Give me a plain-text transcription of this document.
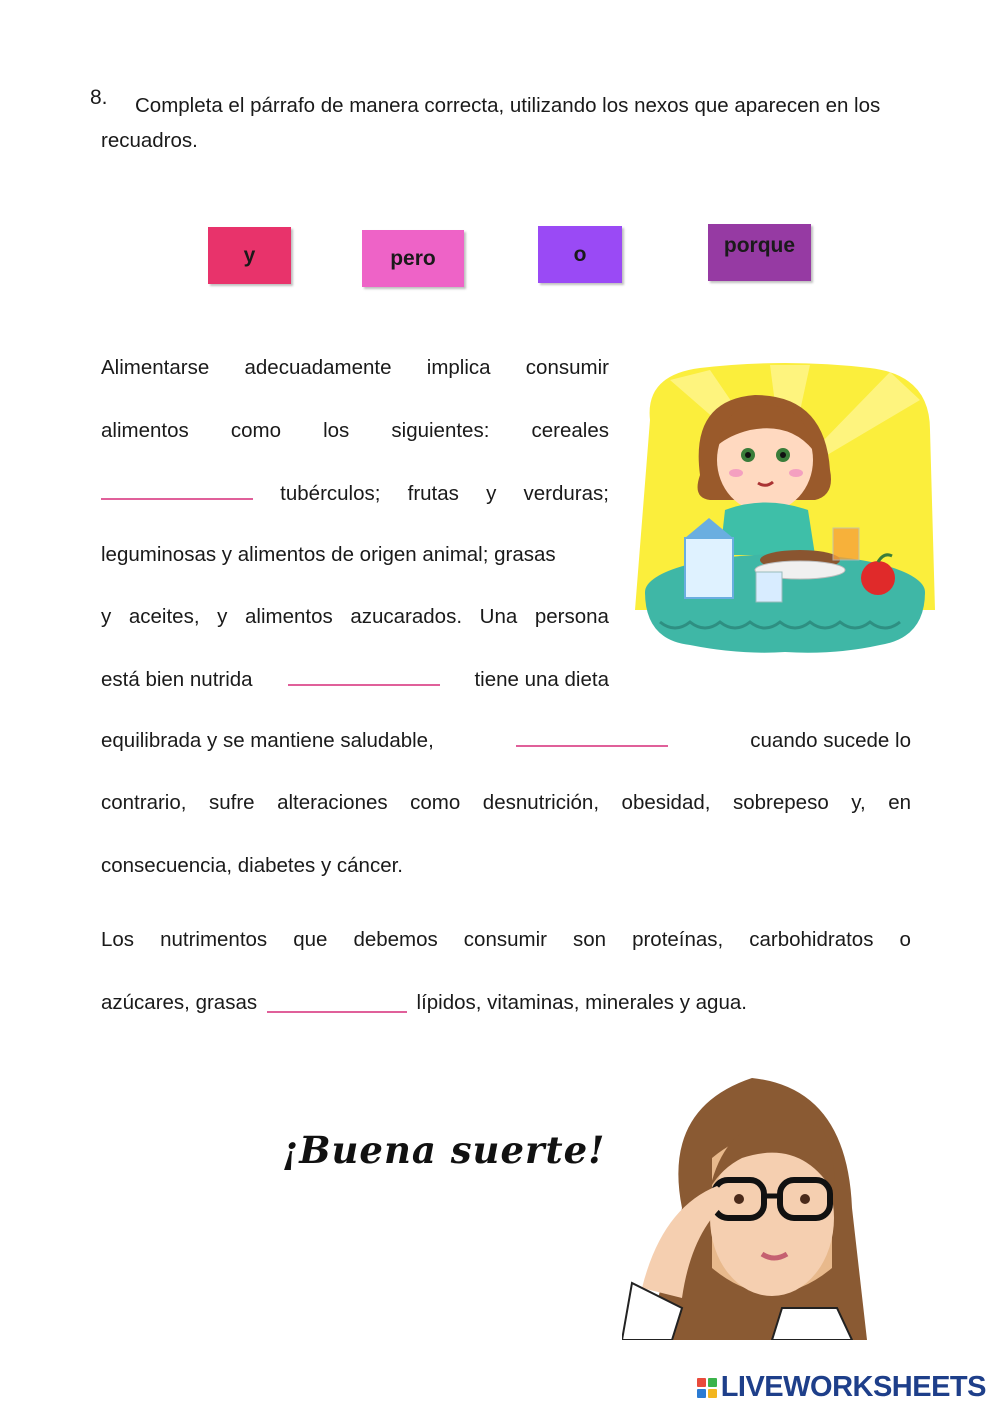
8.	Completa el párrafo de manera correcta, utilizando los nexos que aparecen en los recuadros.
y	pero	o	porque
Alimentarse adecuadamente implica consumir
alimentos como los siguientes: cereales
tubérculos; frutas y verduras;
leguminosas y alimentos de origen animal; grasas
y aceites, y alimentos azucarados. Una persona
está bien nutrida	tiene una dieta
equilibrada y se mantiene saludable,	cuando sucede lo
contrario, sufre alteraciones como desnutrición, obesidad, sobrepeso y, en
consecuencia, diabetes y cáncer.
Los nutrimentos que debemos consumir son proteínas, carbohidratos o
azúcares, grasas	lípidos, vitaminas, minerales y agua.
¡Buena suerte!
LIVEWORKSHEETS
